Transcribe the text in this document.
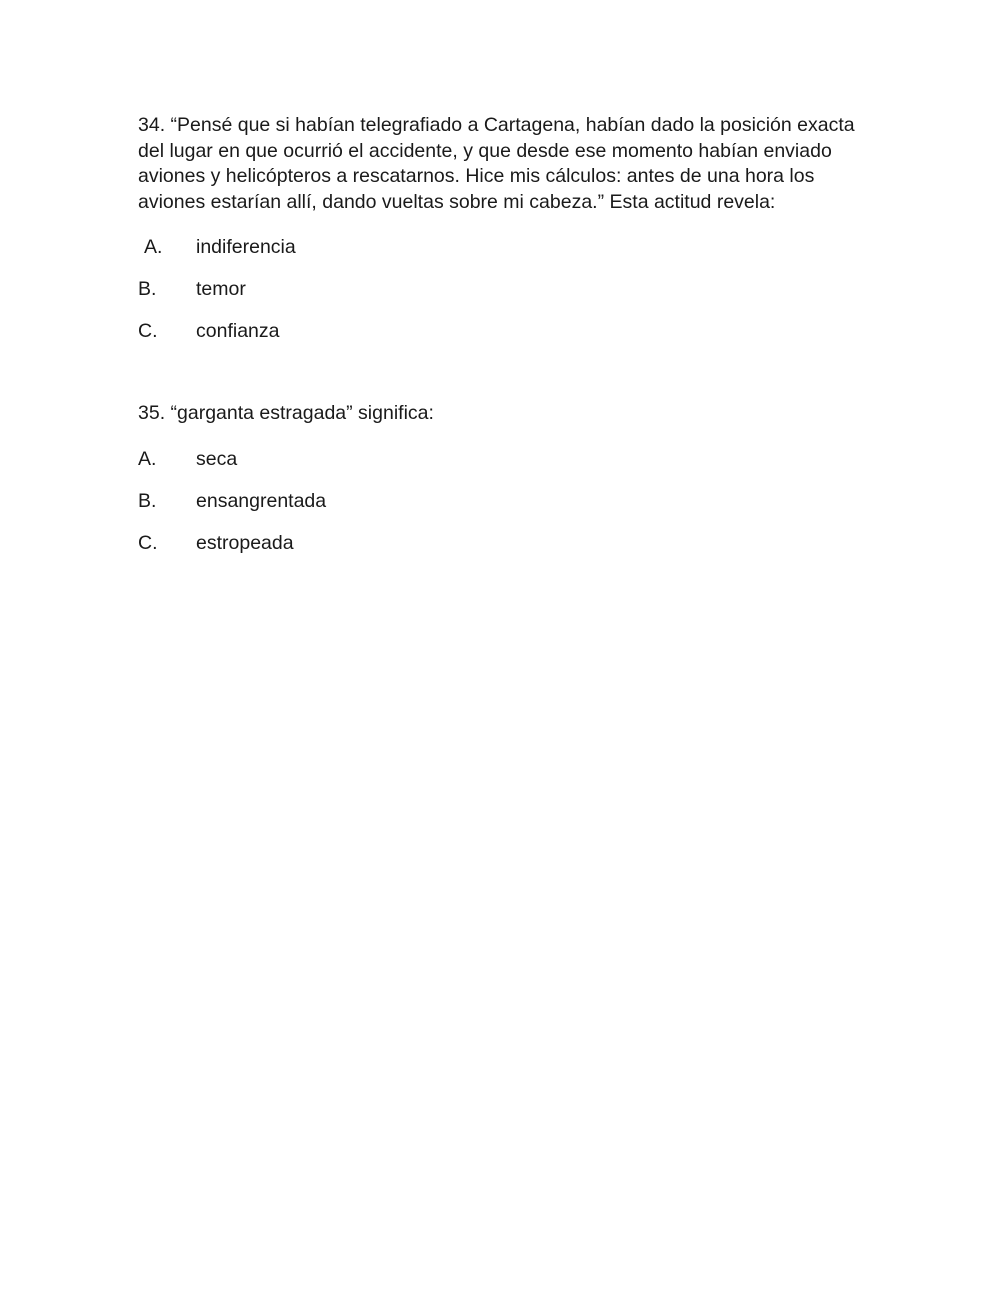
34. “Pensé que si habían telegrafiado a Cartagena, habían dado la posición exacta
del lugar en que ocurrió el accidente, y que desde ese momento habían enviado
aviones y helicópteros a rescatarnos. Hice mis cálculos: antes de una hora los
aviones estarían allí, dando vueltas sobre mi cabeza.” Esta actitud revela:

A. indiferencia
B. temor
C. confianza

35. “garganta estragada” significa:

A. seca
B. ensangrentada
C. estropeada
